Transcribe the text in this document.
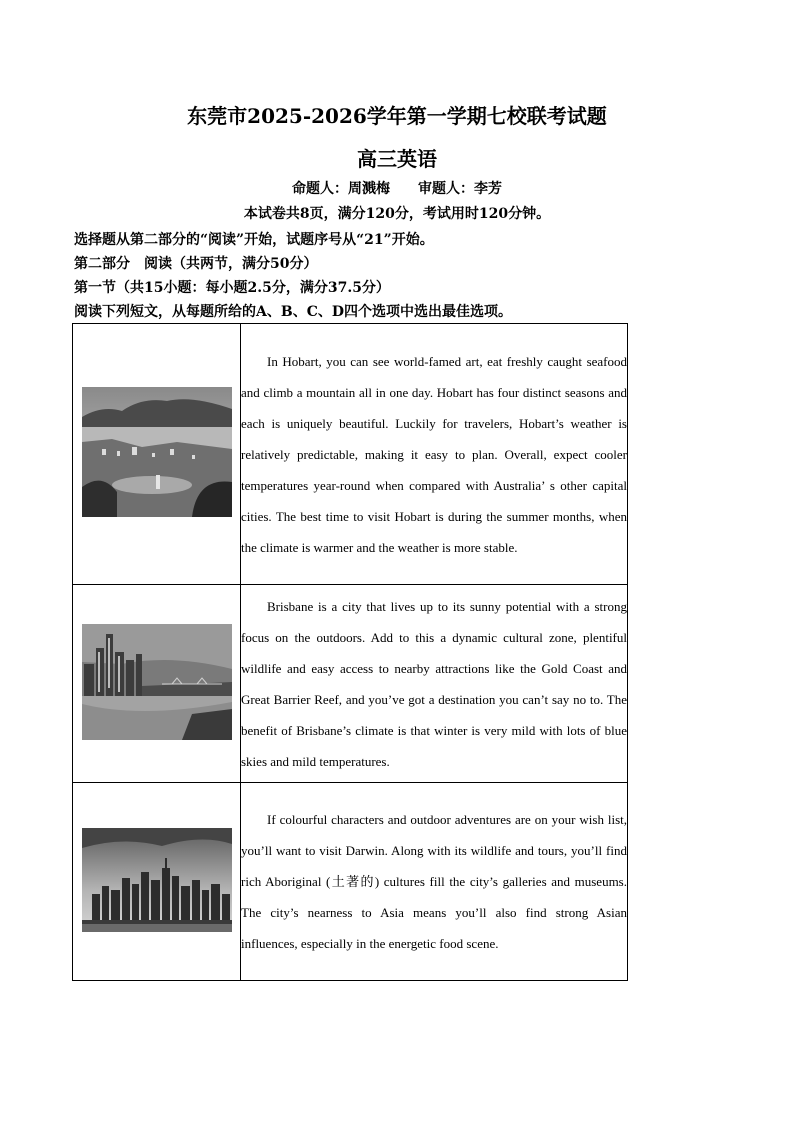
东莞市2025-2026学年第一学期七校联考试题
高三英语
命题人：周溅梅 审题人：李芳
本试卷共8页，满分120分，考试用时120分钟。
选择题从第二部分的“阅读”开始，试题序号从“21”开始。
第二部分　阅读（共两节，满分50分）
第一节（共15小题：每小题2.5分，满分37.5分）
阅读下列短文，从每题所给的A、B、C、D四个选项中选出最佳选项。

In Hobart, you can see world-famed art, eat freshly caught seafood and climb a mountain all in one day. Hobart has four distinct seasons and each is uniquely beautiful. Luckily for travelers, Hobart’s weather is relatively predictable, making it easy to plan. Overall, expect cooler temperatures year-round when compared with Australia’ s other capital cities. The best time to visit Hobart is during the summer months, when the climate is warmer and the weather is more stable.

Brisbane is a city that lives up to its sunny potential with a strong focus on the outdoors. Add to this a dynamic cultural zone, plentiful wildlife and easy access to nearby attractions like the Gold Coast and Great Barrier Reef, and you’ve got a destination you can’t say no to. The benefit of Brisbane’s climate is that winter is very mild with lots of blue skies and mild temperatures.

If colourful characters and outdoor adventures are on your wish list, you’ll want to visit Darwin. Along with its wildlife and tours, you’ll find rich Aboriginal (土著的) cultures fill the city’s galleries and museums. The city’s nearness to Asia means you’ll also find strong Asian influences, especially in the energetic food scene.
